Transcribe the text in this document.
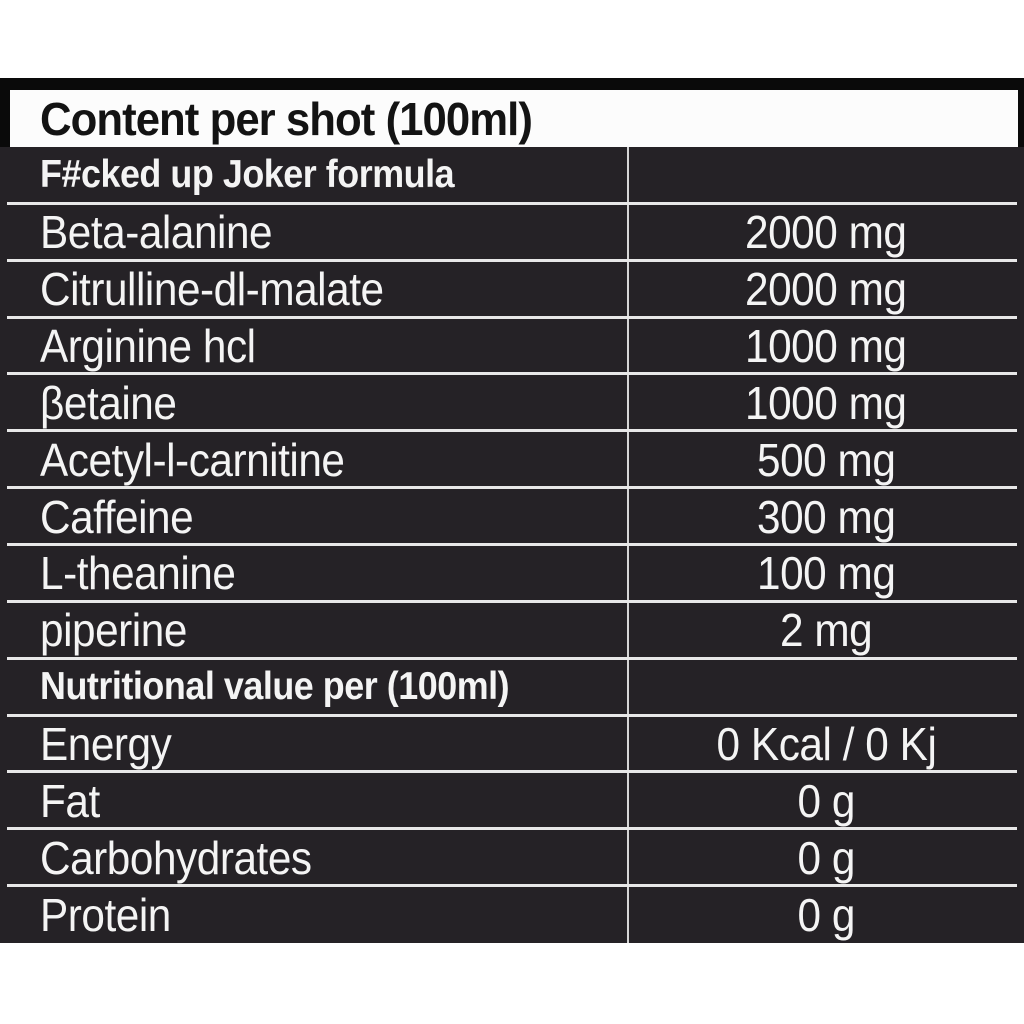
Content per shot (100ml)
F#cked up Joker formula
Beta-alanine	2000 mg
Citrulline-dl-malate	2000 mg
Arginine hcl	1000 mg
βetaine	1000 mg
Acetyl-l-carnitine	500 mg
Caffeine	300 mg
L-theanine	100 mg
piperine	2 mg
Nutritional value per (100ml)
Energy	0 Kcal / 0 Kj
Fat	0 g
Carbohydrates	0 g
Protein	0 g
